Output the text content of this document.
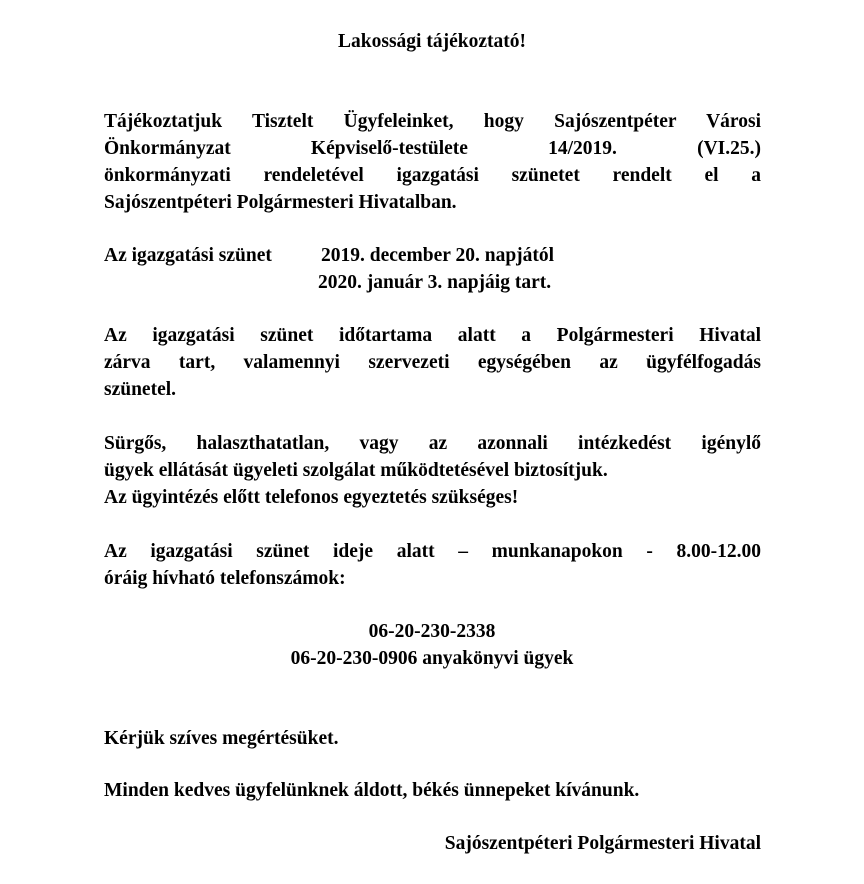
Lakossági tájékoztató!
Tájékoztatjuk Tisztelt Ügyfeleinket, hogy Sajószentpéter Városi
Önkormányzat Képviselő-testülete 14/2019. (VI.25.)
önkormányzati rendeletével igazgatási szünetet rendelt el a
Sajószentpéteri Polgármesteri Hivatalban.
Az igazgatási szünet	2019. december 20. napjától
2020. január 3. napjáig tart.
Az igazgatási szünet időtartama alatt a Polgármesteri Hivatal
zárva tart, valamennyi szervezeti egységében az ügyfélfogadás
szünetel.
Sürgős, halaszthatatlan, vagy az azonnali intézkedést igénylő
ügyek ellátását ügyeleti szolgálat működtetésével biztosítjuk.
Az ügyintézés előtt telefonos egyeztetés szükséges!
Az igazgatási szünet ideje alatt – munkanapokon - 8.00-12.00
óráig hívható telefonszámok:
06-20-230-2338
06-20-230-0906 anyakönyvi ügyek
Kérjük szíves megértésüket.
Minden kedves ügyfelünknek áldott, békés ünnepeket kívánunk.
Sajószentpéteri Polgármesteri Hivatal
